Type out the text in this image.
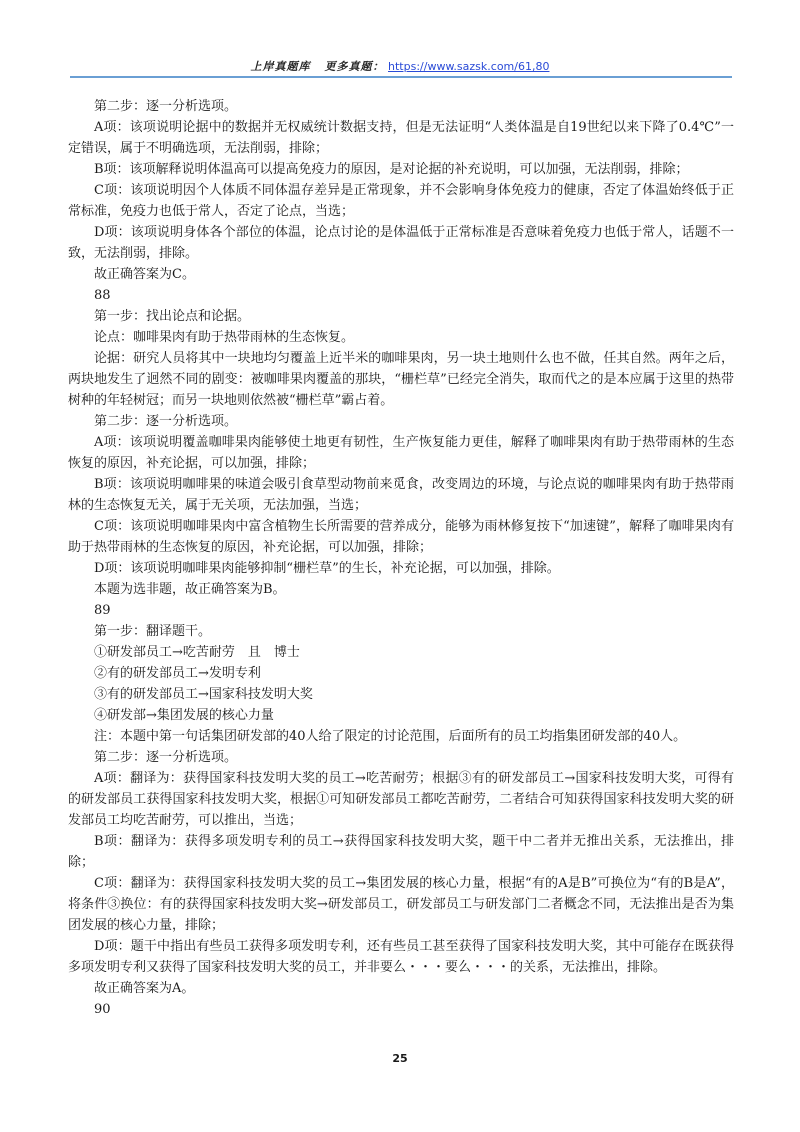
上岸真题库 更多真题： https://www.sazsk.com/61,80

第二步：逐一分析选项。

A项：该项说明论据中的数据并无权威统计数据支持，但是无法证明“人类体温是自19世纪以来下降了0.4℃”一定错误，属于不明确选项，无法削弱，排除；

B项：该项解释说明体温高可以提高免疫力的原因，是对论据的补充说明，可以加强，无法削弱，排除；

C项：该项说明因个人体质不同体温存差异是正常现象，并不会影响身体免疫力的健康，否定了体温始终低于正常标准，免疫力也低于常人，否定了论点，当选；

D项：该项说明身体各个部位的体温，论点讨论的是体温低于正常标准是否意味着免疫力也低于常人，话题不一致，无法削弱，排除。

故正确答案为C。

88

第一步：找出论点和论据。

论点：咖啡果肉有助于热带雨林的生态恢复。

论据：研究人员将其中一块地均匀覆盖上近半米的咖啡果肉，另一块土地则什么也不做，任其自然。两年之后，两块地发生了迥然不同的剧变：被咖啡果肉覆盖的那块，“栅栏草”已经完全消失，取而代之的是本应属于这里的热带树种的年轻树冠；而另一块地则依然被“栅栏草”霸占着。

第二步：逐一分析选项。

A项：该项说明覆盖咖啡果肉能够使土地更有韧性，生产恢复能力更佳，解释了咖啡果肉有助于热带雨林的生态恢复的原因，补充论据，可以加强，排除；

B项：该项说明咖啡果的味道会吸引食草型动物前来觅食，改变周边的环境，与论点说的咖啡果肉有助于热带雨林的生态恢复无关，属于无关项，无法加强，当选；

C项：该项说明咖啡果肉中富含植物生长所需要的营养成分，能够为雨林修复按下“加速键”，解释了咖啡果肉有助于热带雨林的生态恢复的原因，补充论据，可以加强，排除；

D项：该项说明咖啡果肉能够抑制“栅栏草”的生长，补充论据，可以加强，排除。

本题为选非题，故正确答案为B。

89

第一步：翻译题干。

①研发部员工→吃苦耐劳　且　博士

②有的研发部员工→发明专利

③有的研发部员工→国家科技发明大奖

④研发部→集团发展的核心力量

注：本题中第一句话集团研发部的40人给了限定的讨论范围，后面所有的员工均指集团研发部的40人。

第二步：逐一分析选项。

A项：翻译为：获得国家科技发明大奖的员工→吃苦耐劳；根据③有的研发部员工→国家科技发明大奖，可得有的研发部员工获得国家科技发明大奖，根据①可知研发部员工都吃苦耐劳，二者结合可知获得国家科技发明大奖的研发部员工均吃苦耐劳，可以推出，当选；

B项：翻译为：获得多项发明专利的员工→获得国家科技发明大奖，题干中二者并无推出关系，无法推出，排除；

C项：翻译为：获得国家科技发明大奖的员工→集团发展的核心力量，根据“有的A是B”可换位为“有的B是A”，将条件③换位：有的获得国家科技发明大奖→研发部员工，研发部员工与研发部门二者概念不同，无法推出是否为集团发展的核心力量，排除；

D项：题干中指出有些员工获得多项发明专利，还有些员工甚至获得了国家科技发明大奖，其中可能存在既获得多项发明专利又获得了国家科技发明大奖的员工，并非要么・・・要么・・・的关系，无法推出，排除。

故正确答案为A。

90

25
